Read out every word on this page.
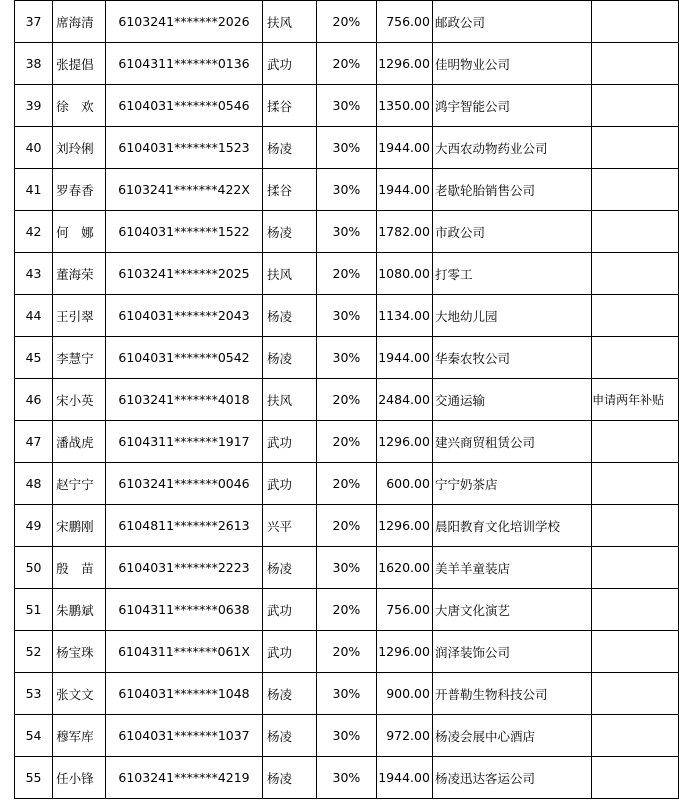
37	席海清	6103241*******2026	扶风	20%	756.00	邮政公司	
38	张提倡	6104311*******0136	武功	20%	1296.00	佳明物业公司	
39	徐　欢	6104031*******0546	揉谷	30%	1350.00	鸿宇智能公司	
40	刘玲俐	6104031*******1523	杨凌	30%	1944.00	大西农动物药业公司	
41	罗春香	6103241*******422X	揉谷	30%	1944.00	老歇轮胎销售公司	
42	何　娜	6104031*******1522	杨凌	30%	1782.00	市政公司	
43	董海荣	6103241*******2025	扶风	20%	1080.00	打零工	
44	王引翠	6104031*******2043	杨凌	30%	1134.00	大地幼儿园	
45	李慧宁	6104031*******0542	杨凌	30%	1944.00	华秦农牧公司	
46	宋小英	6103241*******4018	扶风	20%	2484.00	交通运输	申请两年补贴
47	潘战虎	6104311*******1917	武功	20%	1296.00	建兴商贸租赁公司	
48	赵宁宁	6103241*******0046	武功	20%	600.00	宁宁奶茶店	
49	宋鹏刚	6104811*******2613	兴平	20%	1296.00	晨阳教育文化培训学校	
50	殷　苗	6104031*******2223	杨凌	30%	1620.00	美羊羊童装店	
51	朱鹏斌	6104311*******0638	武功	20%	756.00	大唐文化演艺	
52	杨宝珠	6104311*******061X	武功	20%	1296.00	润泽装饰公司	
53	张文文	6104031*******1048	杨凌	30%	900.00	开普勒生物科技公司	
54	穆军库	6104031*******1037	杨凌	30%	972.00	杨凌会展中心酒店	
55	任小锋	6103241*******4219	杨凌	30%	1944.00	杨凌迅达客运公司	
